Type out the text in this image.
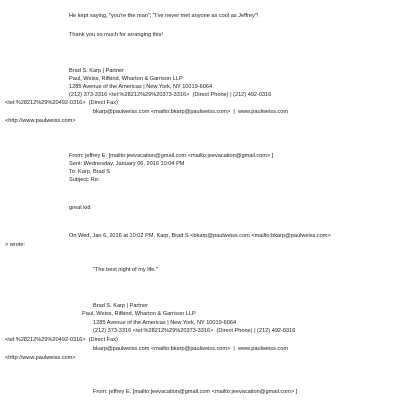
He kept saying, "you're the man"; "I've never met anyone as cool as Jeffrey"!
Thank you so much for arranging this!
Brad S. Karp | Partner
Paul, Weiss, Rifkind, Wharton & Garrison LLP
1285 Avenue of the Americas | New York, NY 10019-6064
(212) 373-3316 <tel:%28212%29%20373-3316>  (Direct Phone) | (212) 492-0316
<tel:%28212%29%20492-0316>  (Direct Fax)
bkarp@paulweiss.com <mailto:bkarp@paulweiss.com>  |  www.paulweiss.com
<http://www.paulweiss.com>
From: jeffrey E. [mailto:jeevacation@gmail.com <mailto:jeevacation@gmail.com> ]
Sent: Wednesday, January 06, 2016 10:04 PM
To: Karp, Brad S
Subject: Re:
great kid
On Wed, Jan 6, 2016 at 10:02 PM, Karp, Brad S <bkarp@paulweiss.com <mailto:bkarp@paulweiss.com>
> wrote:
"The best night of my life."
Brad S. Karp | Partner
Paul, Weiss, Rifkind, Wharton & Garrison LLP
1285 Avenue of the Americas | New York, NY 10019-6064
(212) 373-3316 <tel:%28212%29%20373-3316>  (Direct Phone) | (212) 492-0316
<tel:%28212%29%20492-0316>  (Direct Fax)
bkarp@paulweiss.com <mailto:bkarp@paulweiss.com>  |  www.paulweiss.com
<http://www.paulweiss.com>
From: jeffrey E. [mailto:jeevacation@gmail.com <mailto:jeevacation@gmail.com> ]
